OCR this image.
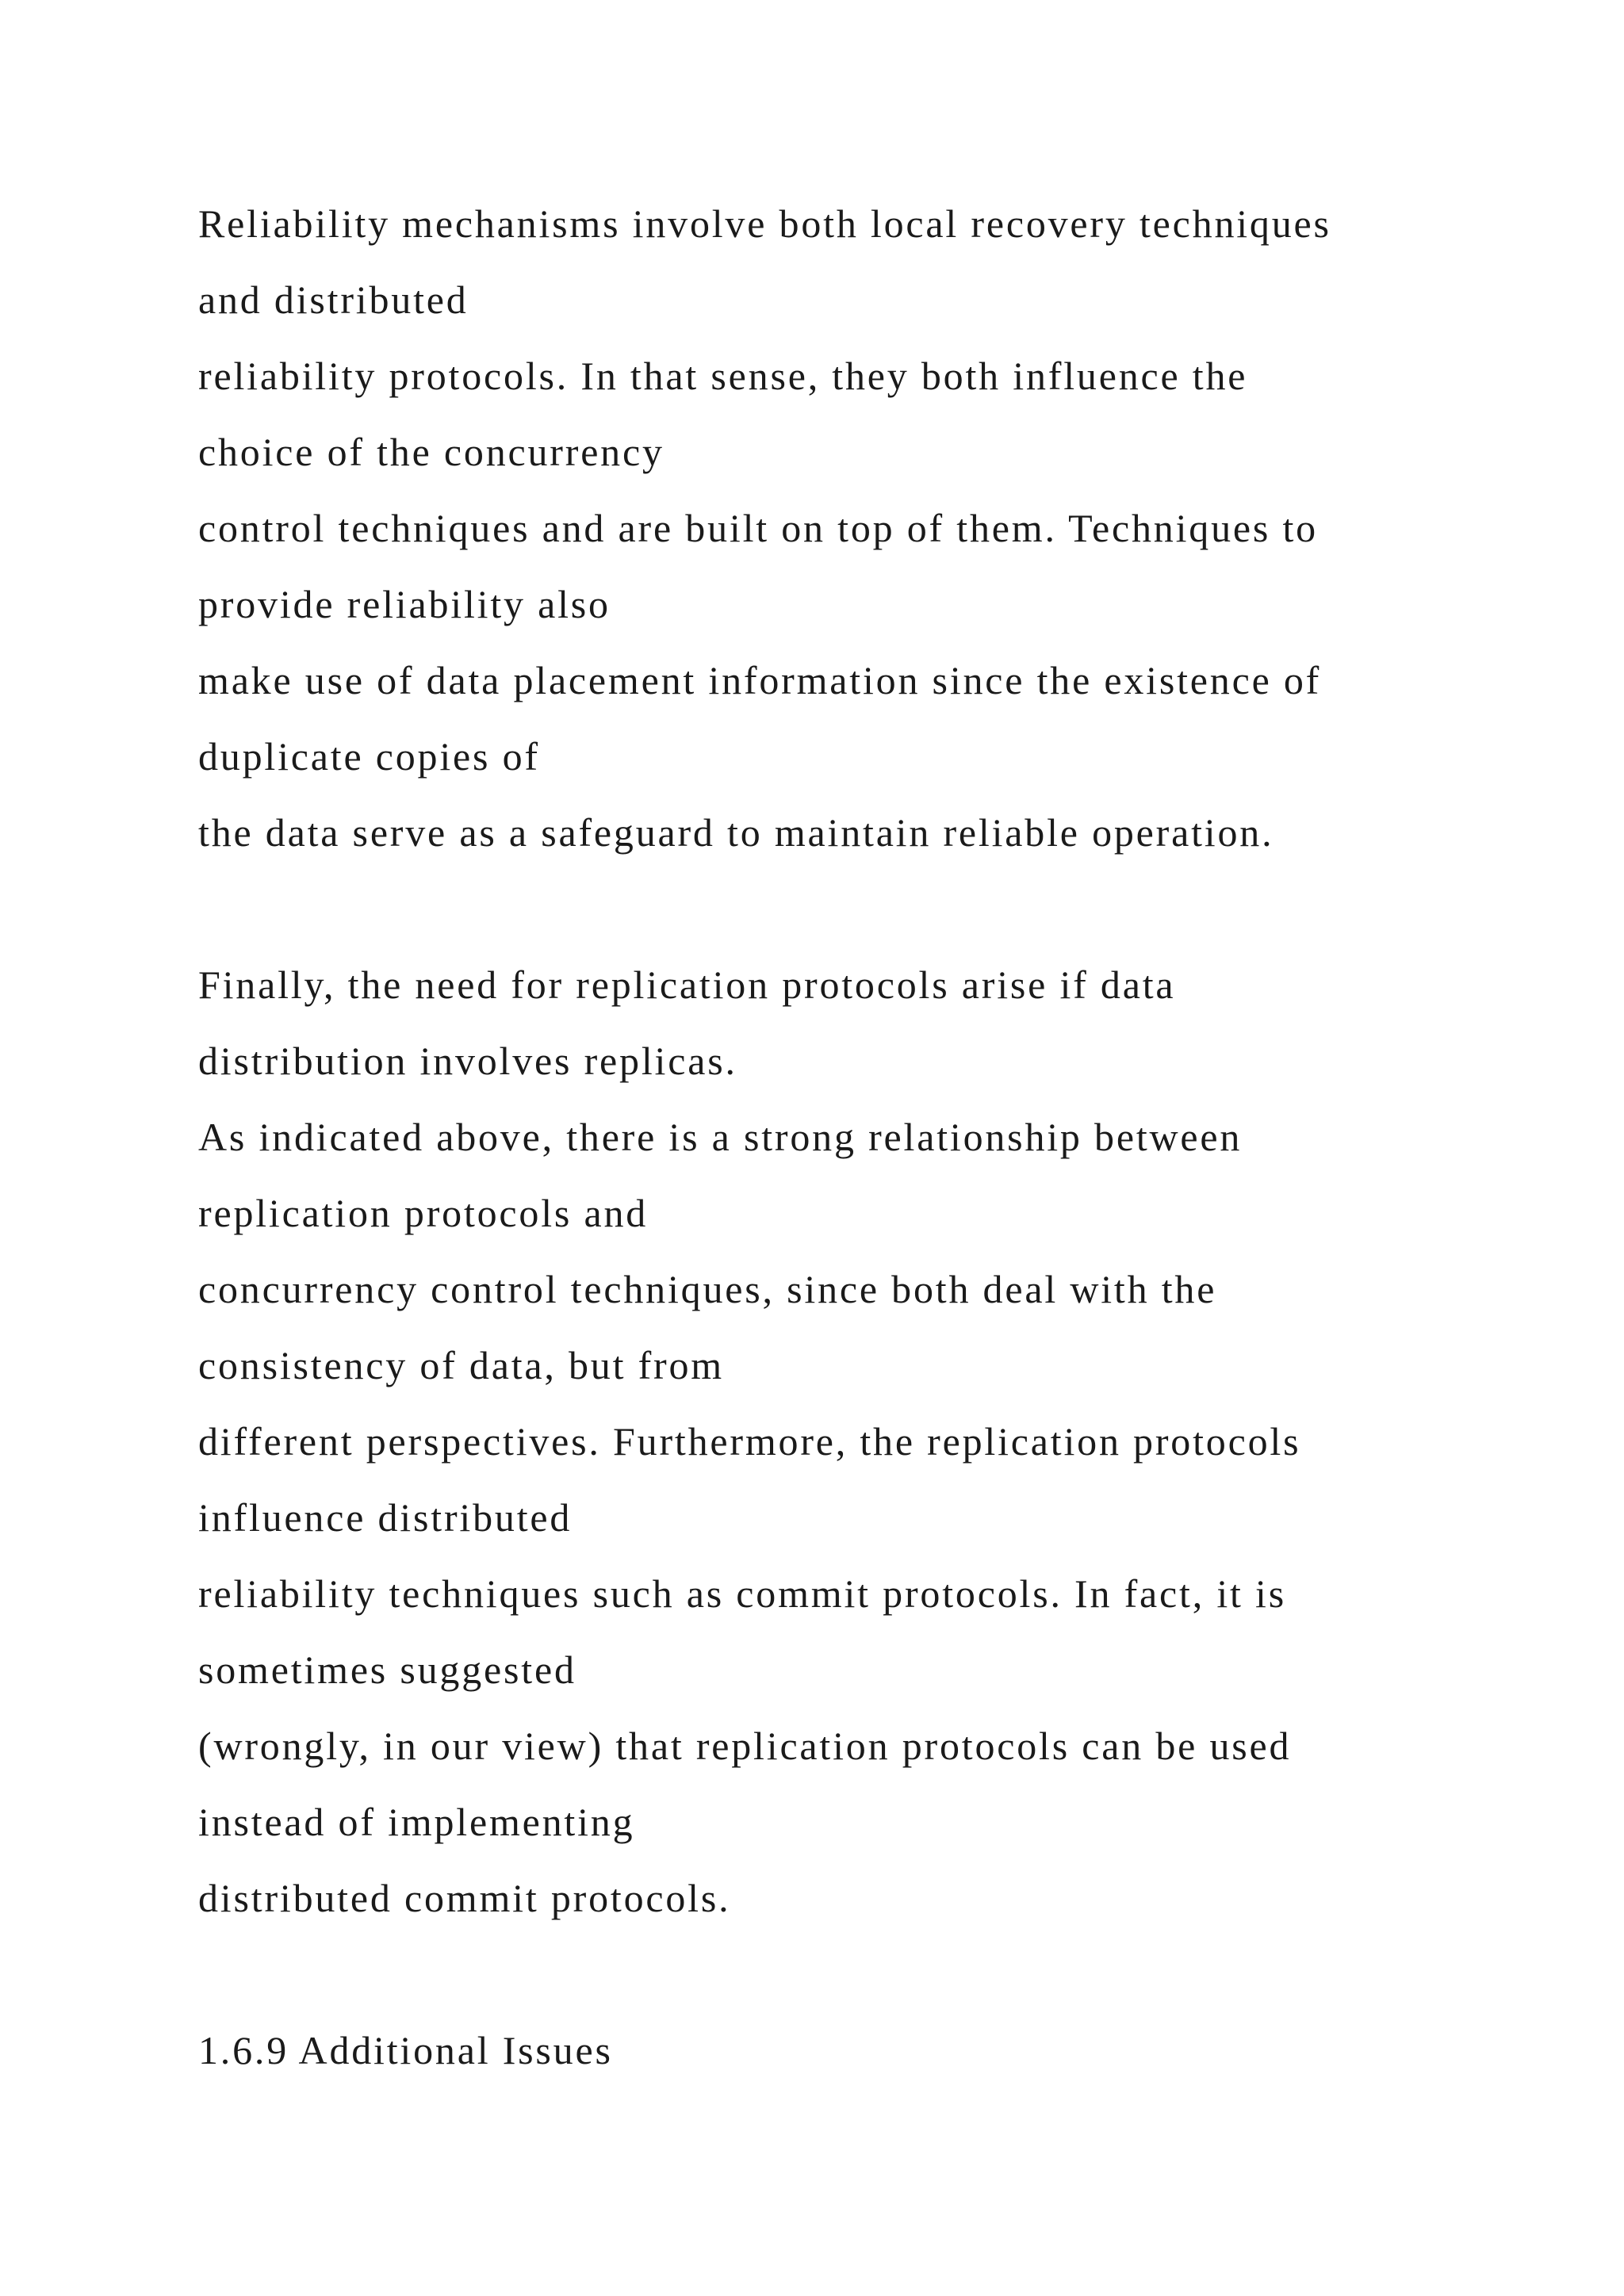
Reliability mechanisms involve both local recovery techniques

and distributed

reliability protocols. In that sense, they both influence the

choice of the concurrency

control techniques and are built on top of them. Techniques to

provide reliability also

make use of data placement information since the existence of

duplicate copies of

the data serve as a safeguard to maintain reliable operation.

Finally, the need for replication protocols arise if data

distribution involves replicas.

As indicated above, there is a strong relationship between

replication protocols and

concurrency control techniques, since both deal with the

consistency of data, but from

different perspectives. Furthermore, the replication protocols

influence distributed

reliability techniques such as commit protocols. In fact, it is

sometimes suggested

(wrongly, in our view) that replication protocols can be used

instead of implementing

distributed commit protocols.

1.6.9 Additional Issues
